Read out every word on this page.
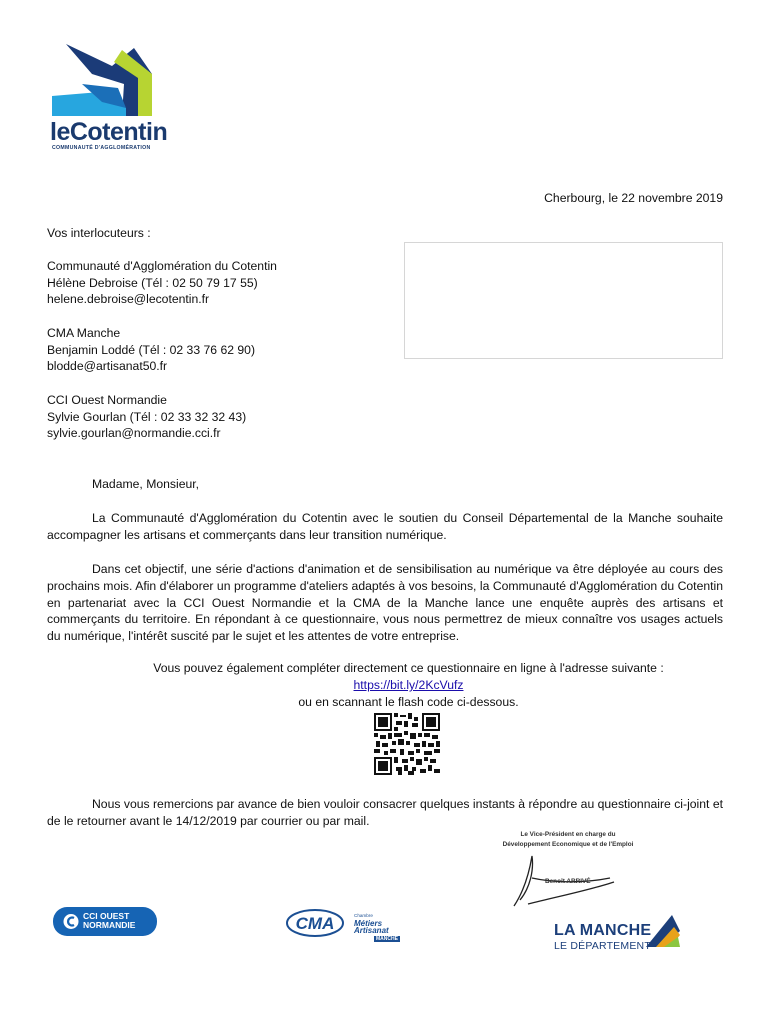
leCotentin
COMMUNAUTÉ D'AGGLOMÉRATION
Cherbourg, le 22 novembre 2019
Vos interlocuteurs :
Communauté d'Agglomération du Cotentin
Hélène Debroise (Tél : 02 50 79 17 55)
helene.debroise@lecotentin.fr
CMA Manche
Benjamin Loddé (Tél : 02 33 76 62 90)
blodde@artisanat50.fr
CCI Ouest Normandie
Sylvie Gourlan (Tél : 02 33 32 32 43)
sylvie.gourlan@normandie.cci.fr
Madame, Monsieur,
La Communauté d'Agglomération du Cotentin avec le soutien du Conseil Départemental de la Manche souhaite accompagner les artisans et commerçants dans leur transition numérique.
Dans cet objectif, une série d'actions d'animation et de sensibilisation au numérique va être déployée au cours des prochains mois. Afin d'élaborer un programme d'ateliers adaptés à vos besoins, la Communauté d'Agglomération du Cotentin en partenariat avec la CCI Ouest Normandie et la CMA de la Manche lance une enquête auprès des artisans et commerçants du territoire. En répondant à ce questionnaire, vous nous permettrez de mieux connaître vos usages actuels du numérique, l'intérêt suscité par le sujet et les attentes de votre entreprise.
Vous pouvez également compléter directement ce questionnaire en ligne à l'adresse suivante :
https://bit.ly/2KcVufz
ou en scannant le flash code ci-dessous.
Nous vous remercions par avance de bien vouloir consacrer quelques instants à répondre au questionnaire ci-joint et de le retourner avant le 14/12/2019 par courrier ou par mail.
Le Vice-Président en charge du
Développement Economique et de l'Emploi
Benoît ARRIVÉ
CCI OUEST
NORMANDIE	CMA	Chambre
Métiers
Artisanat
MANCHE	LA MANCHE
LE DÉPARTEMENT
